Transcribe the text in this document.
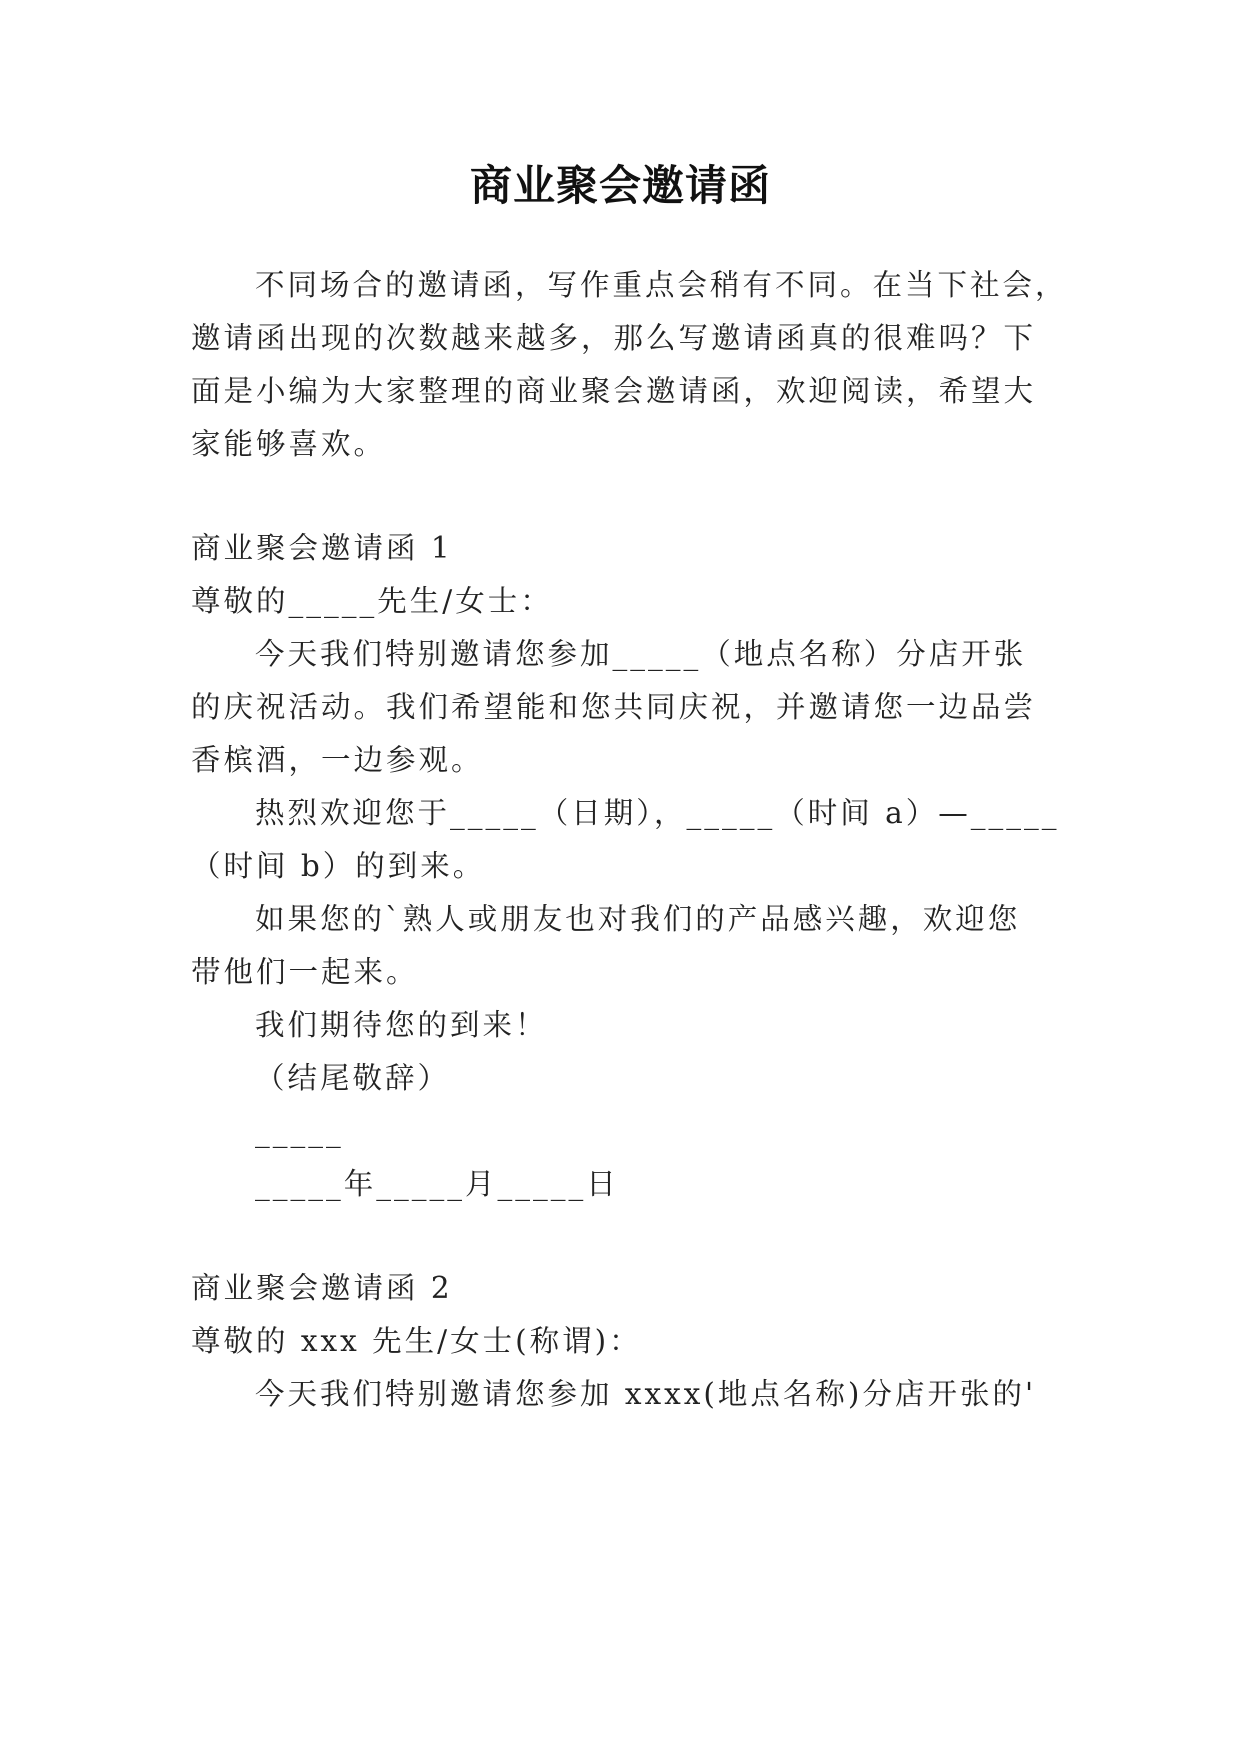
商业聚会邀请函
不同场合的邀请函，写作重点会稍有不同。在当下社会，
邀请函出现的次数越来越多，那么写邀请函真的很难吗？下
面是小编为大家整理的商业聚会邀请函，欢迎阅读，希望大
家能够喜欢。
商业聚会邀请函 1
尊敬的_____先生/女士：
今天我们特别邀请您参加_____（地点名称）分店开张
的庆祝活动。我们希望能和您共同庆祝，并邀请您一边品尝
香槟酒，一边参观。
热烈欢迎您于_____（日期），_____（时间 a）—_____
（时间 b）的到来。
如果您的`熟人或朋友也对我们的产品感兴趣，欢迎您
带他们一起来。
我们期待您的到来！
（结尾敬辞）
_____
_____年_____月_____日
商业聚会邀请函 2
尊敬的 xxx 先生/女士(称谓)：
今天我们特别邀请您参加 xxxx(地点名称)分店开张的'
